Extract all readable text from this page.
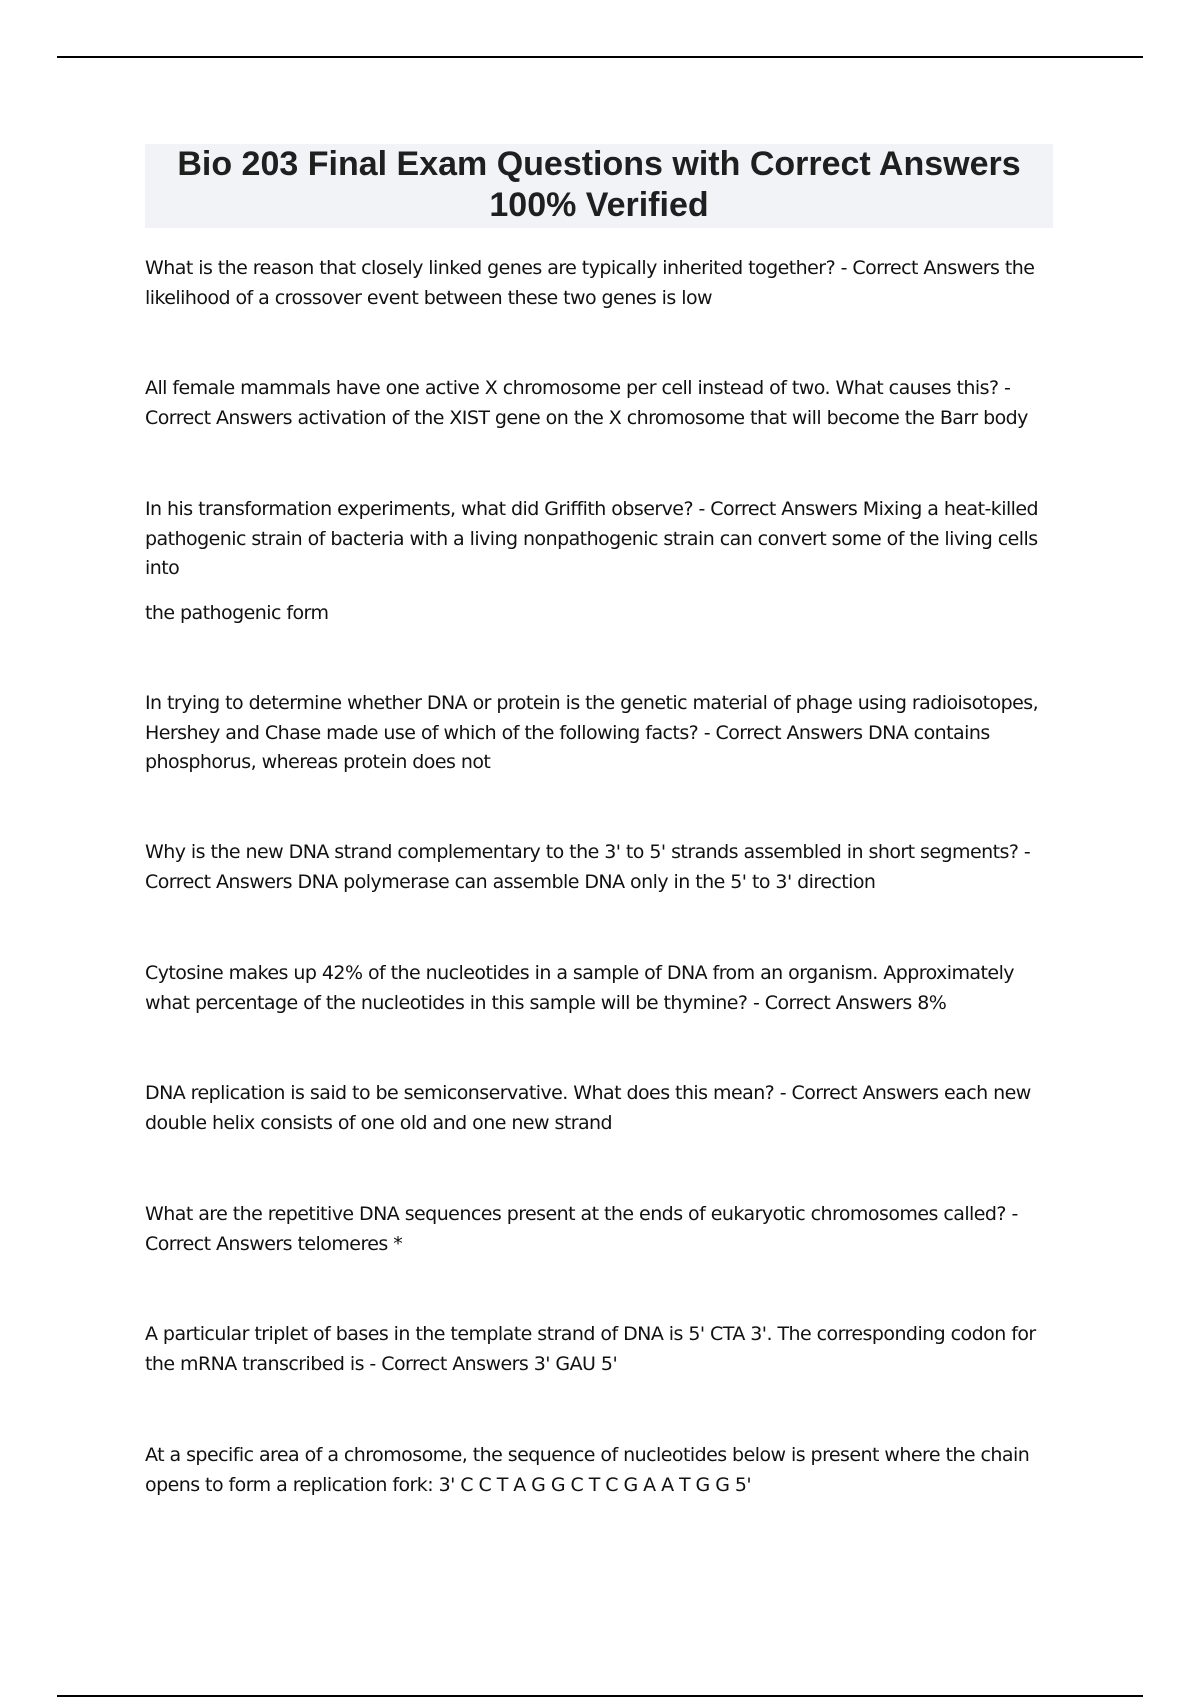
Bio 203 Final Exam Questions with Correct Answers
100% Verified

What is the reason that closely linked genes are typically inherited together? - Correct Answers the likelihood of a crossover event between these two genes is low

All female mammals have one active X chromosome per cell instead of two. What causes this? - Correct Answers activation of the XIST gene on the X chromosome that will become the Barr body

In his transformation experiments, what did Griffith observe? - Correct Answers Mixing a heat-killed pathogenic strain of bacteria with a living nonpathogenic strain can convert some of the living cells into

the pathogenic form

In trying to determine whether DNA or protein is the genetic material of phage using radioisotopes, Hershey and Chase made use of which of the following facts? - Correct Answers DNA contains phosphorus, whereas protein does not

Why is the new DNA strand complementary to the 3' to 5' strands assembled in short segments? - Correct Answers DNA polymerase can assemble DNA only in the 5' to 3' direction

Cytosine makes up 42% of the nucleotides in a sample of DNA from an organism. Approximately what percentage of the nucleotides in this sample will be thymine? - Correct Answers 8%

DNA replication is said to be semiconservative. What does this mean? - Correct Answers each new double helix consists of one old and one new strand

What are the repetitive DNA sequences present at the ends of eukaryotic chromosomes called? - Correct Answers telomeres *

A particular triplet of bases in the template strand of DNA is 5' CTA 3'. The corresponding codon for the mRNA transcribed is - Correct Answers 3' GAU 5'

At a specific area of a chromosome, the sequence of nucleotides below is present where the chain opens to form a replication fork: 3' C C T A G G C T C G A A T G G 5'
